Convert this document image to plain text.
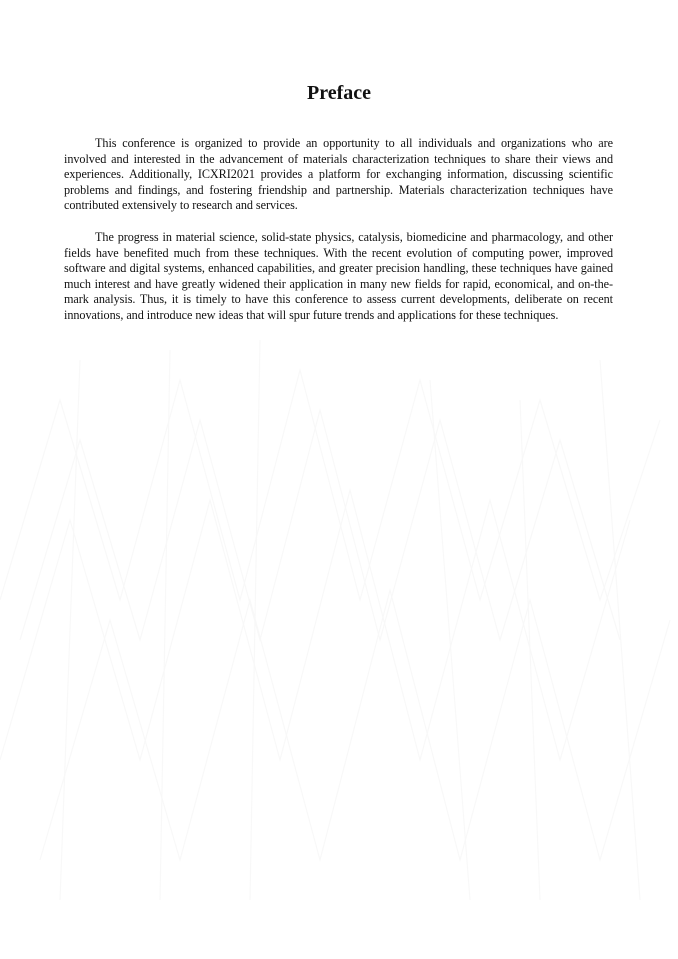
Preface

This conference is organized to provide an opportunity to all individuals and organizations who are involved and interested in the advancement of materials characterization techniques to share their views and experiences. Additionally, ICXRI2021 provides a platform for exchanging information, discussing scientific problems and findings, and fostering friendship and partnership. Materials characterization techniques have contributed extensively to research and services.

The progress in material science, solid-state physics, catalysis, biomedicine and pharmacology, and other fields have benefited much from these techniques. With the recent evolution of computing power, improved software and digital systems, enhanced capabilities, and greater precision handling, these techniques have gained much interest and have greatly widened their application in many new fields for rapid, economical, and on-the-mark analysis. Thus, it is timely to have this conference to assess current developments, deliberate on recent innovations, and introduce new ideas that will spur future trends and applications for these techniques.
